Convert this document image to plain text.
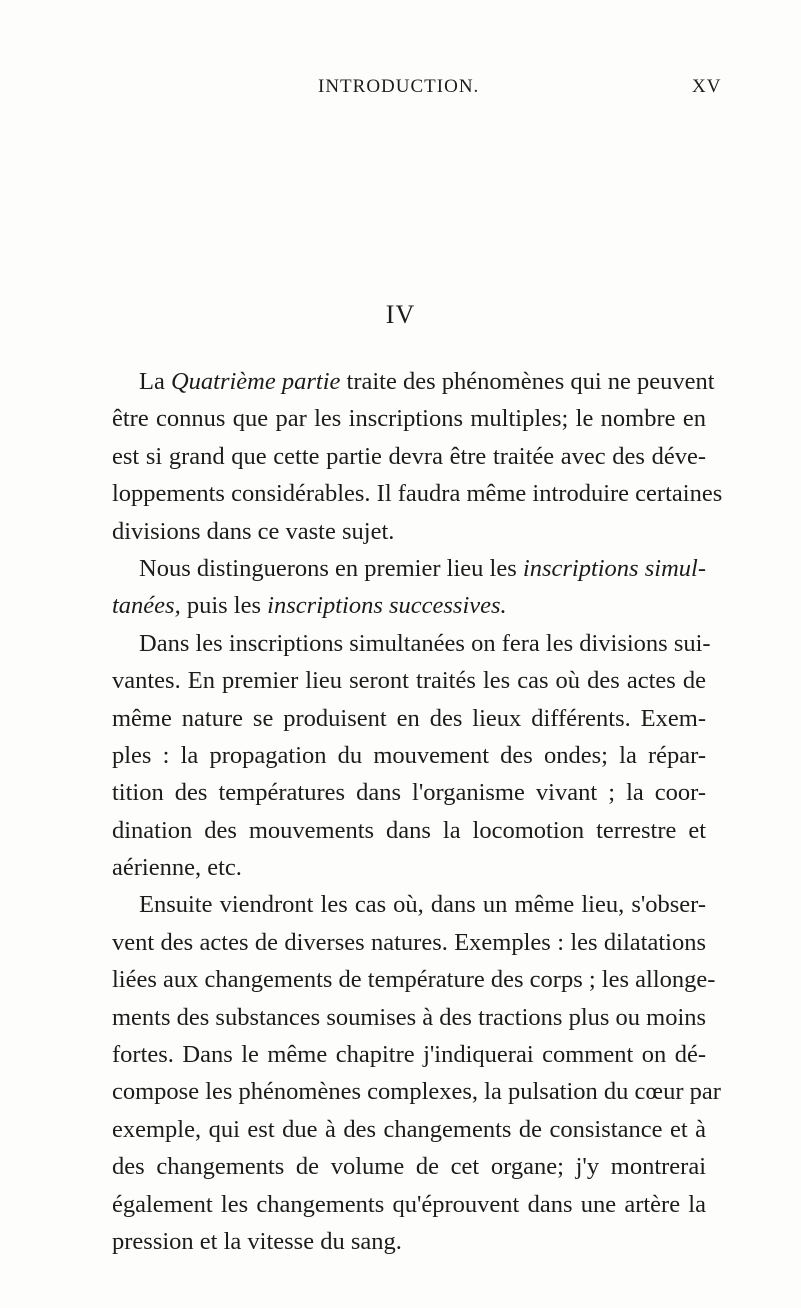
INTRODUCTION.	XV
IV
La Quatrième partie traite des phénomènes qui ne peuvent
être connus que par les inscriptions multiples; le nombre en
est si grand que cette partie devra être traitée avec des déve-
loppements considérables. Il faudra même introduire certaines
divisions dans ce vaste sujet.
Nous distinguerons en premier lieu les inscriptions simul-
tanées, puis les inscriptions successives.
Dans les inscriptions simultanées on fera les divisions sui-
vantes. En premier lieu seront traités les cas où des actes de
même nature se produisent en des lieux différents. Exem-
ples : la propagation du mouvement des ondes; la répar-
tition des températures dans l'organisme vivant ; la coor-
dination des mouvements dans la locomotion terrestre et
aérienne, etc.
Ensuite viendront les cas où, dans un même lieu, s'obser-
vent des actes de diverses natures. Exemples : les dilatations
liées aux changements de température des corps ; les allonge-
ments des substances soumises à des tractions plus ou moins
fortes. Dans le même chapitre j'indiquerai comment on dé-
compose les phénomènes complexes, la pulsation du cœur par
exemple, qui est due à des changements de consistance et à
des changements de volume de cet organe; j'y montrerai
également les changements qu'éprouvent dans une artère la
pression et la vitesse du sang.
